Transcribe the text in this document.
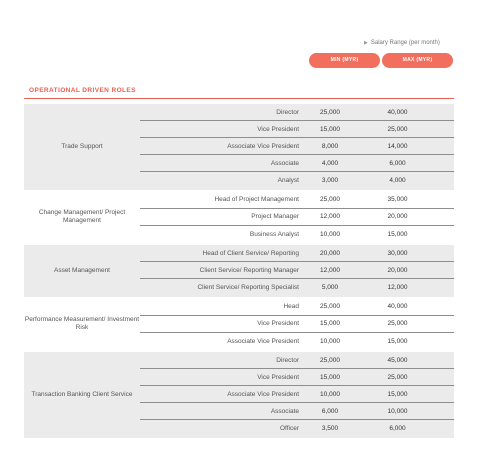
▶ Salary Range (per month)
MIN (MYR)	MAX (MYR)
OPERATIONAL DRIVEN ROLES
Trade Support
Director	25,000	40,000
Vice President	15,000	25,000
Associate Vice President	8,000	14,000
Associate	4,000	6,000
Analyst	3,000	4,000
Change Management/ Project Management
Head of Project Management	25,000	35,000
Project Manager	12,000	20,000
Business Analyst	10,000	15,000
Asset Management
Head of Client Service/ Reporting	20,000	30,000
Client Service/ Reporting Manager	12,000	20,000
Client Service/ Reporting Specialist	5,000	12,000
Performance Measurement/ Investment Risk
Head	25,000	40,000
Vice President	15,000	25,000
Associate Vice President	10,000	15,000
Transaction Banking Client Service
Director	25,000	45,000
Vice President	15,000	25,000
Associate Vice President	10,000	15,000
Associate	6,000	10,000
Officer	3,500	6,000
